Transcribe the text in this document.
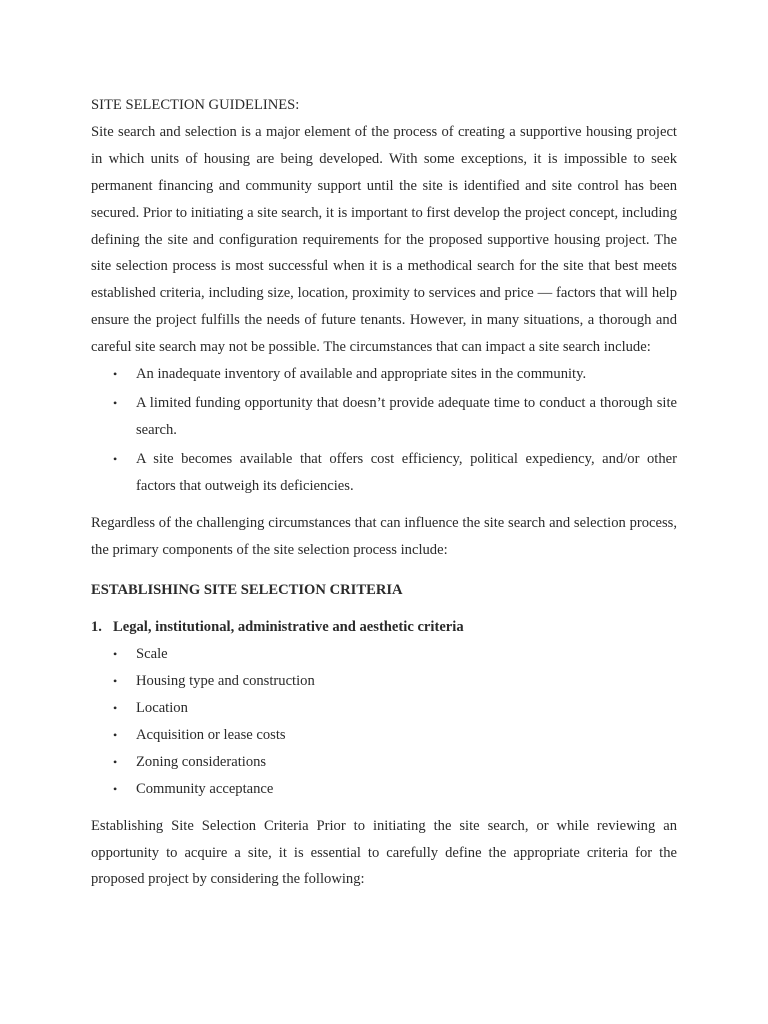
SITE SELECTION GUIDELINES:

Site search and selection is a major element of the process of creating a supportive housing project in which units of housing are being developed. With some exceptions, it is impossible to seek permanent financing and community support until the site is identified and site control has been secured. Prior to initiating a site search, it is important to first develop the project concept, including defining the site and configuration requirements for the proposed supportive housing project. The site selection process is most successful when it is a methodical search for the site that best meets established criteria, including size, location, proximity to services and price — factors that will help ensure the project fulfills the needs of future tenants. However, in many situations, a thorough and careful site search may not be possible. The circumstances that can impact a site search include:

• An inadequate inventory of available and appropriate sites in the community.
• A limited funding opportunity that doesn’t provide adequate time to conduct a thorough site search.
• A site becomes available that offers cost efficiency, political expediency, and/or other factors that outweigh its deficiencies.

Regardless of the challenging circumstances that can influence the site search and selection process, the primary components of the site selection process include:

ESTABLISHING SITE SELECTION CRITERIA
1. Legal, institutional, administrative and aesthetic criteria
• Scale
• Housing type and construction
• Location
• Acquisition or lease costs
• Zoning considerations
• Community acceptance

Establishing Site Selection Criteria Prior to initiating the site search, or while reviewing an opportunity to acquire a site, it is essential to carefully define the appropriate criteria for the proposed project by considering the following:
